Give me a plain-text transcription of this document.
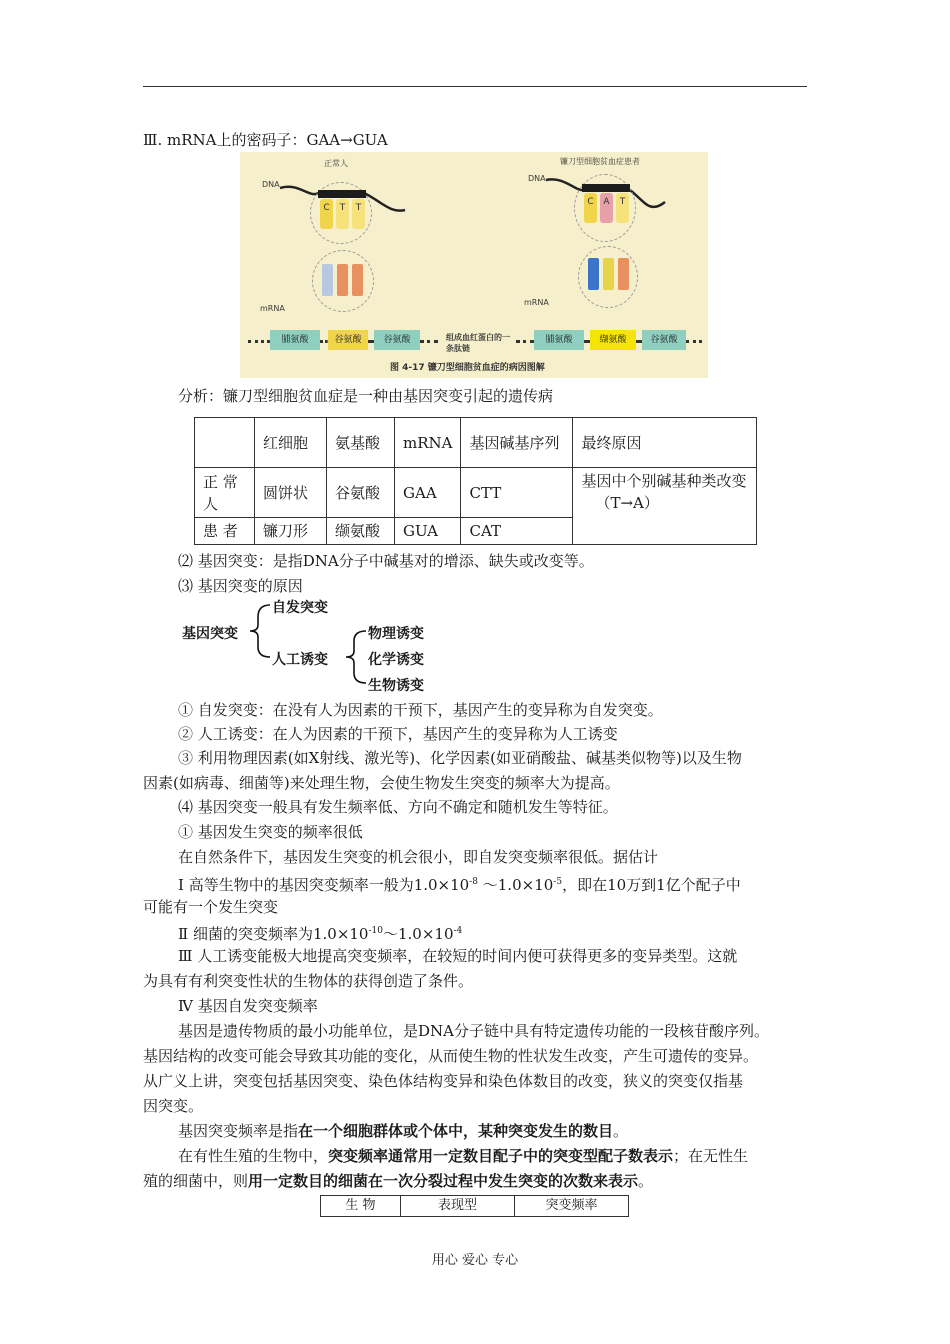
Ⅲ. mRNA上的密码子：GAA→GUA
正常人	镰刀型细胞贫血症患者
DNA
DNA
C	T	T
C	A	T
mRNA
mRNA
脯氨酸	谷氨酸	谷氨酸	组成血红蛋白的一条肽链
脯氨酸	缬氨酸	谷氨酸
图 4-17 镰刀型细胞贫血症的病因图解
分析：镰刀型细胞贫血症是一种由基因突变引起的遗传病
	红细胞	氨基酸	mRNA	基因碱基序列	最终原因
正 常 人	圆饼状	谷氨酸	GAA	CTT	基因中个别碱基种类改变
（T→A）
患 者	镰刀形	缬氨酸	GUA	CAT	
⑵ 基因突变：是指DNA分子中碱基对的增添、缺失或改变等。
⑶ 基因突变的原因
基因突变
自发突变
人工诱变
物理诱变
化学诱变
生物诱变
① 自发突变：在没有人为因素的干预下，基因产生的变异称为自发突变。
② 人工诱变：在人为因素的干预下，基因产生的变异称为人工诱变
③ 利用物理因素(如X射线、激光等)、化学因素(如亚硝酸盐、碱基类似物等)以及生物
因素(如病毒、细菌等)来处理生物，会使生物发生突变的频率大为提高。
⑷ 基因突变一般具有发生频率低、方向不确定和随机发生等特征。
① 基因发生突变的频率很低
在自然条件下，基因发生突变的机会很小，即自发突变频率很低。据估计
Ⅰ 高等生物中的基因突变频率一般为$1.0\times 10^{-8}$ $\sim 1.0\times 10^{-5}$，即在10万到1亿个配子中
可能有一个发生突变
Ⅱ 细菌的突变频率为$1.0\times 10^{-10}\sim 1.0\times 10^{-4}$
Ⅲ 人工诱变能极大地提高突变频率，在较短的时间内便可获得更多的变异类型。这就
为具有有利突变性状的生物体的获得创造了条件。
Ⅳ 基因自发突变频率
基因是遗传物质的最小功能单位，是DNA分子链中具有特定遗传功能的一段核苷酸序列。
基因结构的改变可能会导致其功能的变化，从而使生物的性状发生改变，产生可遗传的变异。
从广义上讲，突变包括基因突变、染色体结构变异和染色体数目的改变，狭义的突变仅指基
因突变。
基因突变频率是指在一个细胞群体或个体中，某种突变发生的数目。
在有性生殖的生物中，突变频率通常用一定数目配子中的突变型配子数表示；在无性生
殖的细菌中，则用一定数目的细菌在一次分裂过程中发生突变的次数来表示。
生 物	表现型	突变频率
用心 爱心 专心
